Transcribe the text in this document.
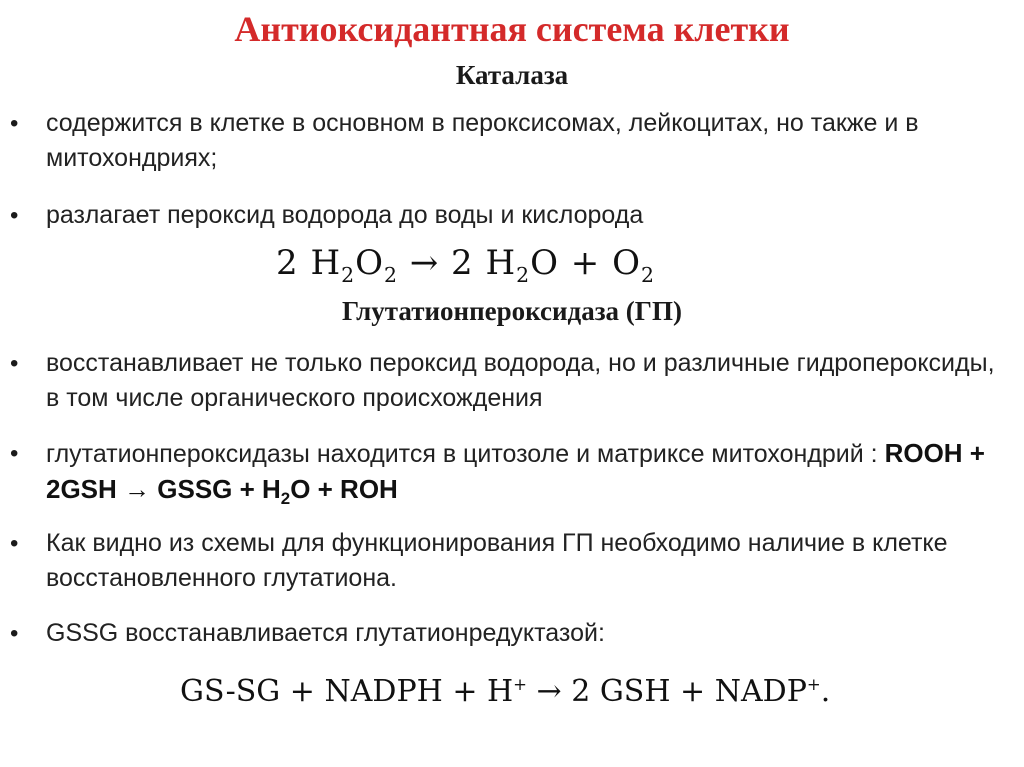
Антиоксидантная система клетки
Каталаза
• содержится в клетке в основном в пероксисомах, лейкоцитах, но также и в митохондриях;
• разлагает пероксид водорода до воды и кислорода
2 $H_2O_2 \to 2$ $H_2O + O_2$
Глутатионпероксидаза (ГП)
• восстанавливает не только пероксид водорода, но и различные гидропероксиды, в том числе органического происхождения
• глутатионпероксидазы находится в цитозоле и матриксе митохондрий : ROOH + 2GSH → GSSG + $H_2O$ + ROH
• Как видно из схемы для функционирования ГП необходимо наличие в клетке восстановленного глутатиона.
• GSSG восстанавливается глутатионредуктазой:
GS-SG + NADPH + H+ → 2 GSH + NADP+.
